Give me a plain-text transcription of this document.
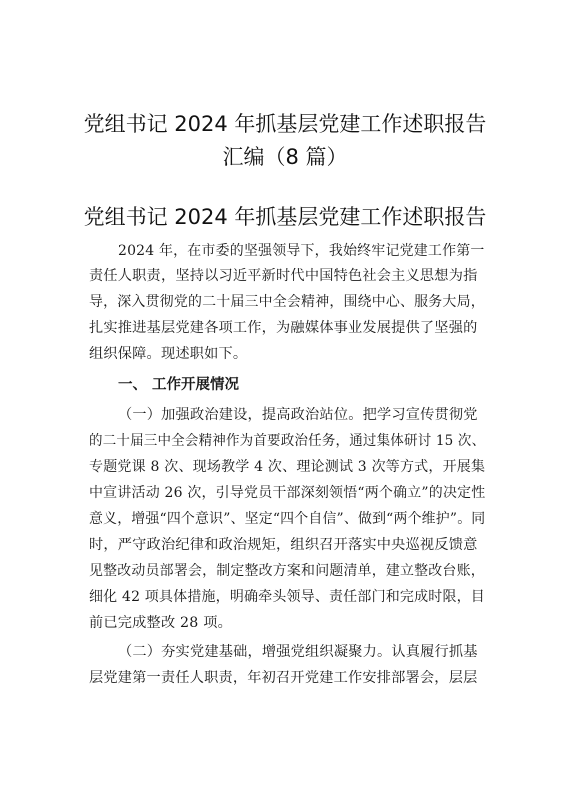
党组书记 2024 年抓基层党建工作述职报告
汇编（8 篇）
党组书记 2024 年抓基层党建工作述职报告
2024 年，在市委的坚强领导下，我始终牢记党建工作第一
责任人职责，坚持以习近平新时代中国特色社会主义思想为指
导，深入贯彻党的二十届三中全会精神，围绕中心、服务大局，
扎实推进基层党建各项工作，为融媒体事业发展提供了坚强的
组织保障。现述职如下。
一、 工作开展情况
（一）加强政治建设，提高政治站位。把学习宣传贯彻党
的二十届三中全会精神作为首要政治任务，通过集体研讨 15 次、
专题党课 8 次、现场教学 4 次、理论测试 3 次等方式，开展集
中宣讲活动 26 次，引导党员干部深刻领悟“两个确立”的决定性
意义，增强“四个意识”、坚定“四个自信”、做到“两个维护”。同
时，严守政治纪律和政治规矩，组织召开落实中央巡视反馈意
见整改动员部署会，制定整改方案和问题清单，建立整改台账，
细化 42 项具体措施，明确牵头领导、责任部门和完成时限，目
前已完成整改 28 项。
（二）夯实党建基础，增强党组织凝聚力。认真履行抓基
层党建第一责任人职责，年初召开党建工作安排部署会，层层
